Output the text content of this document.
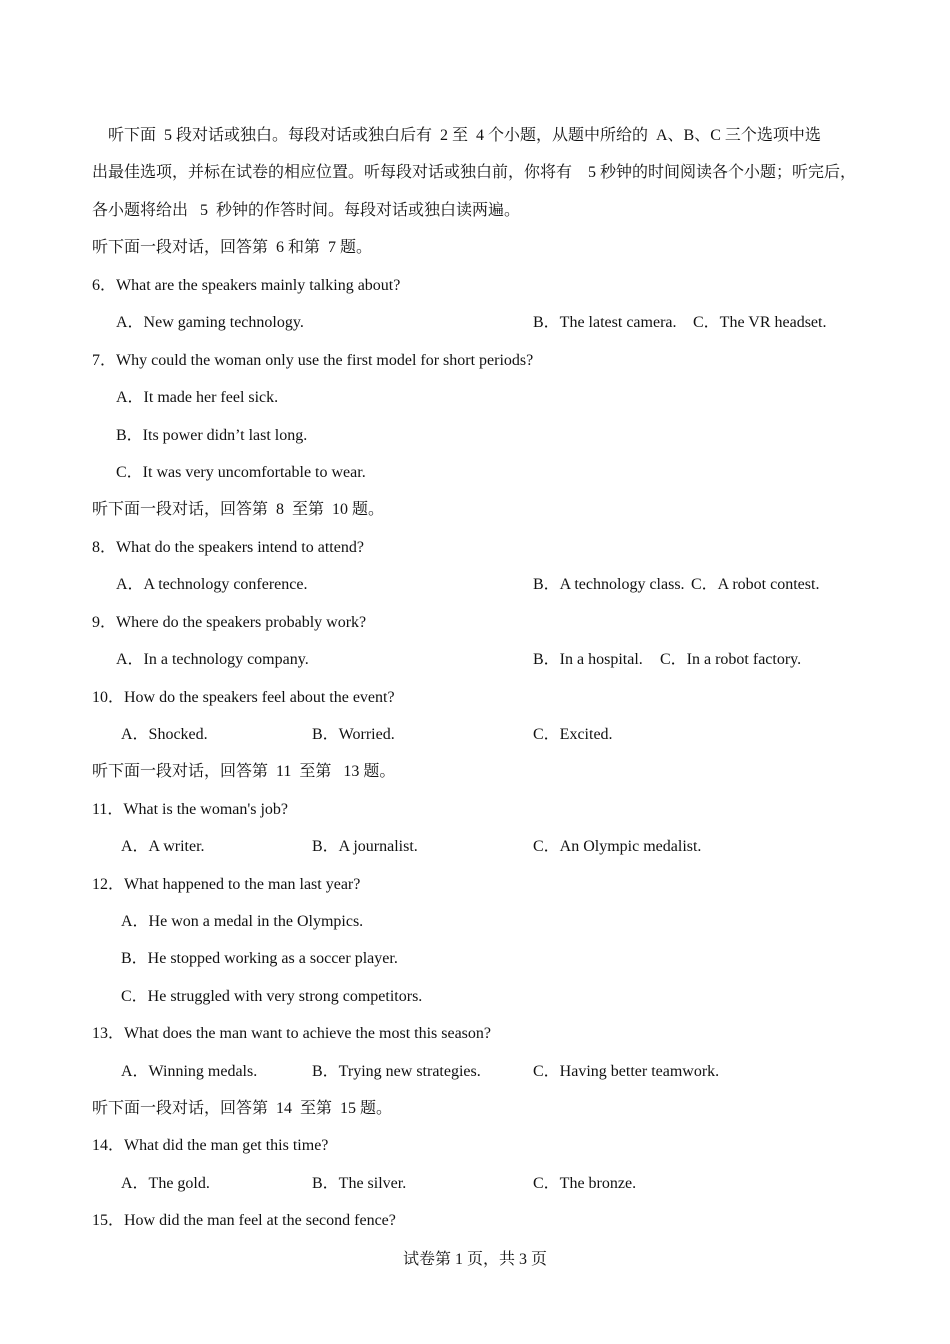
听下面  5 段对话或独白。每段对话或独白后有  2 至  4 个小题，从题中所给的  A、B、C 三个选项中选
出最佳选项，并标在试卷的相应位置。听每段对话或独白前，你将有    5 秒钟的时间阅读各个小题；听完后，
各小题将给出   5  秒钟的作答时间。每段对话或独白读两遍。
听下面一段对话，回答第  6 和第  7 题。
6．What are the speakers mainly talking about?
A．New gaming technology.	B．The latest camera. C．The VR headset.
7．Why could the woman only use the first model for short periods?
A．It made her feel sick.
B．Its power didn’t last long.
C．It was very uncomfortable to wear.
听下面一段对话，回答第  8  至第  10 题。
8．What do the speakers intend to attend?
A．A technology conference.	B．A technology class. C．A robot contest.
9．Where do the speakers probably work?
A．In a technology company.	B．In a hospital. C．In a robot factory.
10．How do the speakers feel about the event?
A．Shocked.	B．Worried.	C．Excited.
听下面一段对话，回答第  11  至第   13 题。
11．What is the woman's job?
A．A writer.	B．A journalist.	C．An Olympic medalist.
12．What happened to the man last year?
A．He won a medal in the Olympics.
B．He stopped working as a soccer player.
C．He struggled with very strong competitors.
13．What does the man want to achieve the most this season?
A．Winning medals.	B．Trying new strategies.	C．Having better teamwork.
听下面一段对话，回答第  14  至第  15 题。
14．What did the man get this time?
A．The gold.	B．The silver.	C．The bronze.
15．How did the man feel at the second fence?
试卷第 1 页，共 3 页
